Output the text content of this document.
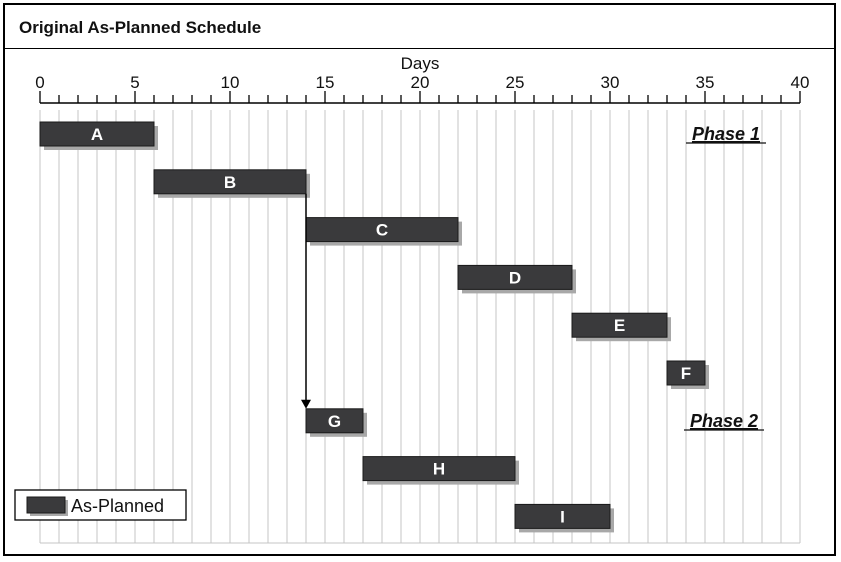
Original As-Planned Schedule
0	5	10	15	20	25	30	35	40
Days
A
B
C
D
E
F
G
H
I
Phase 1
Phase 2
As-Planned
